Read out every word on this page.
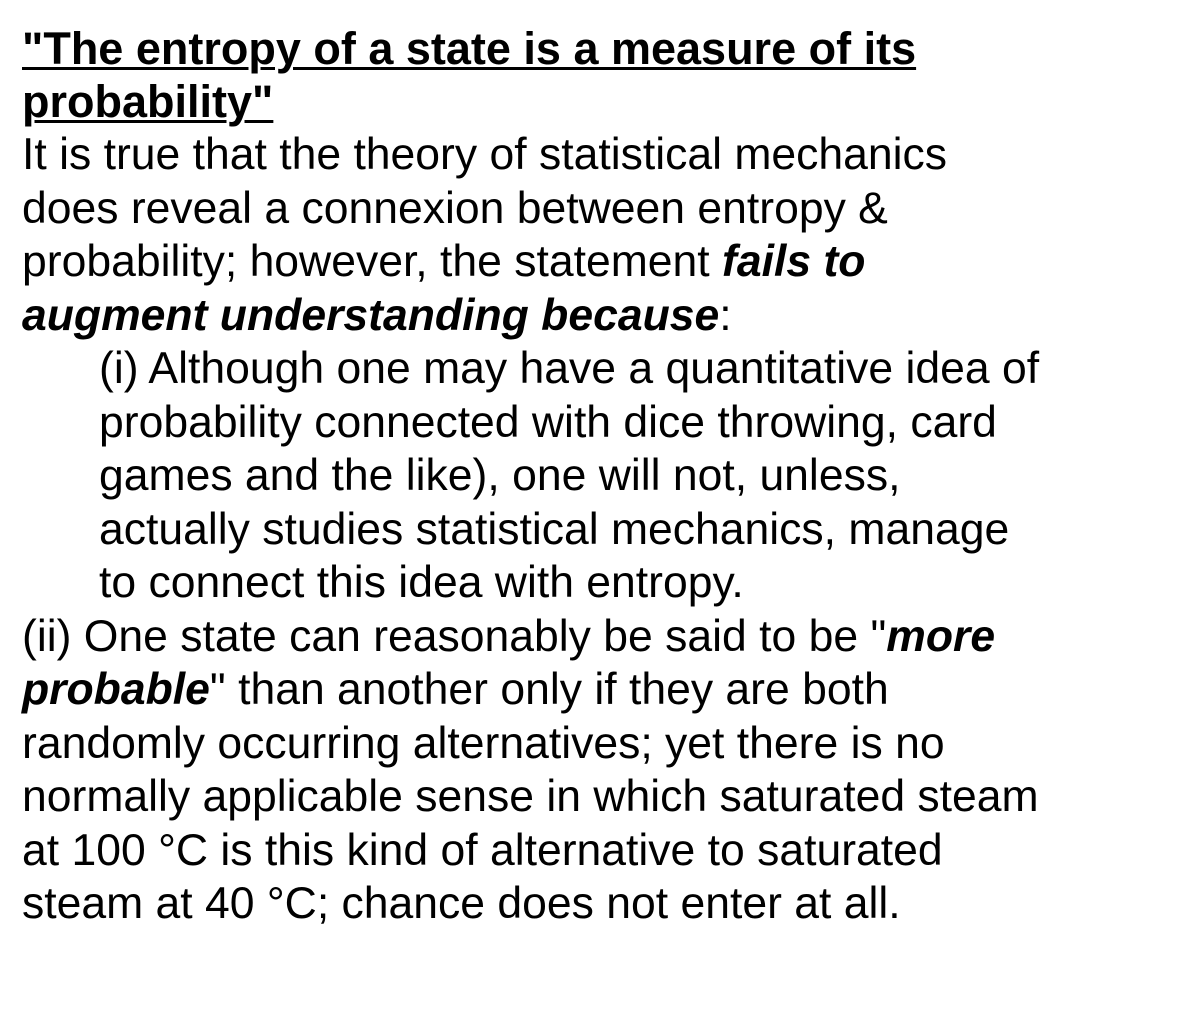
"The entropy of a state is a measure of its
probability"
It is true that the theory of statistical mechanics
does reveal a connexion between entropy &
probability; however, the statement fails to
augment understanding because:
(i) Although one may have a quantitative idea of
probability connected with dice throwing, card
games and the like), one will not, unless,
actually studies statistical mechanics, manage
to connect this idea with entropy.
(ii) One state can reasonably be said to be "more
probable" than another only if they are both
randomly occurring alternatives; yet there is no
normally applicable sense in which saturated steam
at 100 °C is this kind of alternative to saturated
steam at 40 °C; chance does not enter at all.
